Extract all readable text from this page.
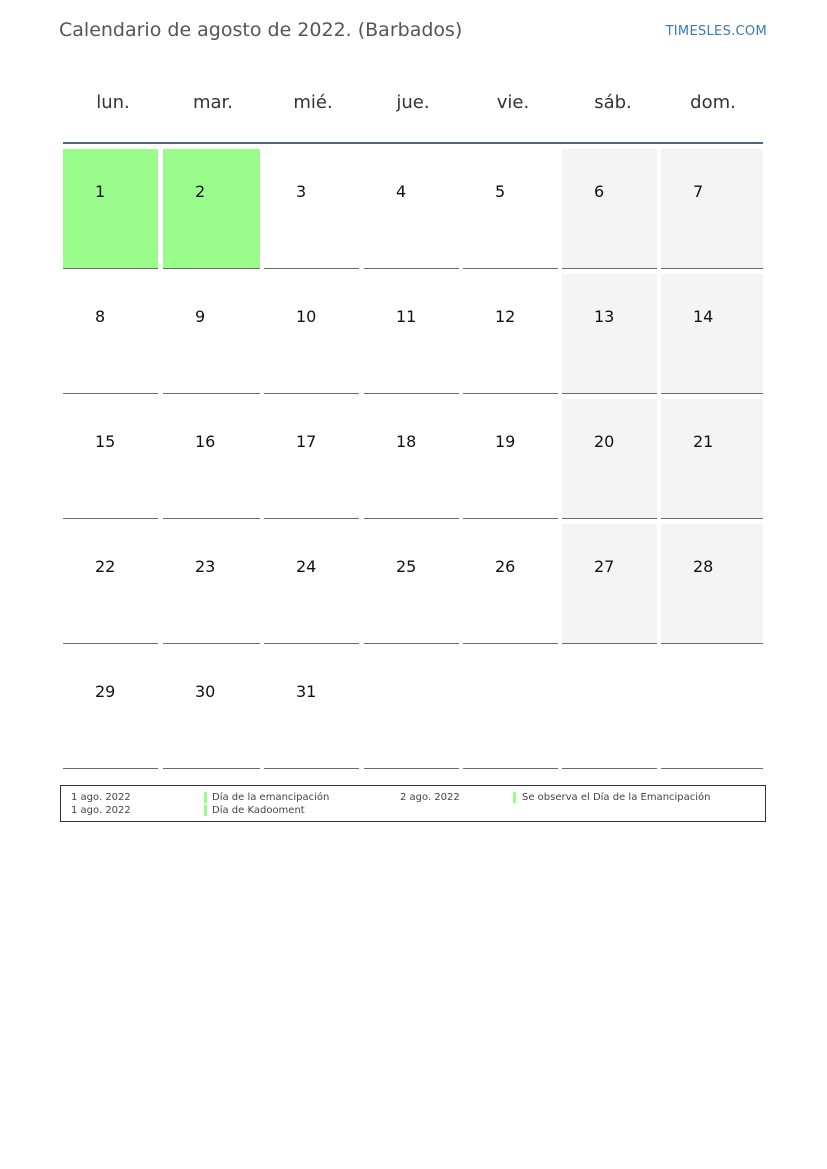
Calendario de agosto de 2022. (Barbados)	TIMESLES.COM
lun.	mar.	mié.	jue.	vie.	sáb.	dom.
1	2	3	4	5	6	7
8	9	10	11	12	13	14
15	16	17	18	19	20	21
22	23	24	25	26	27	28
29	30	31
1 ago. 2022	Día de la emancipación	2 ago. 2022	Se observa el Día de la Emancipación
1 ago. 2022	Día de Kadooment
